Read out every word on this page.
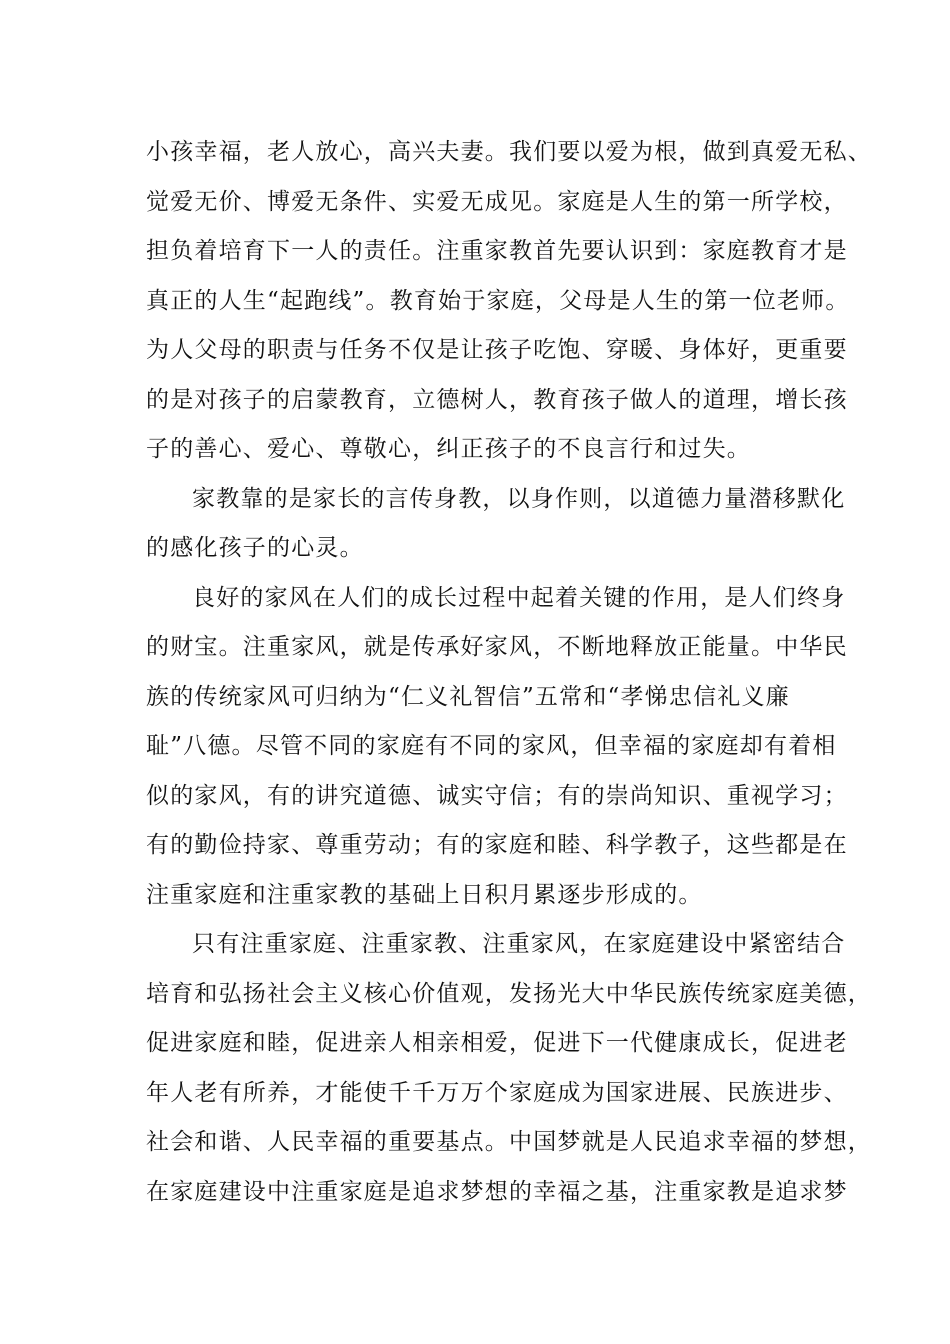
小孩幸福，老人放心，高兴夫妻。我们要以爱为根，做到真爱无私、
觉爱无价、博爱无条件、实爱无成见。家庭是人生的第一所学校，
担负着培育下一人的责任。注重家教首先要认识到：家庭教育才是
真正的人生“起跑线”。教育始于家庭，父母是人生的第一位老师。
为人父母的职责与任务不仅是让孩子吃饱、穿暖、身体好，更重要
的是对孩子的启蒙教育，立德树人，教育孩子做人的道理，增长孩
子的善心、爱心、尊敬心，纠正孩子的不良言行和过失。
家教靠的是家长的言传身教，以身作则，以道德力量潜移默化
的感化孩子的心灵。
良好的家风在人们的成长过程中起着关键的作用，是人们终身
的财宝。注重家风，就是传承好家风，不断地释放正能量。中华民
族的传统家风可归纳为“仁义礼智信”五常和“孝悌忠信礼义廉
耻”八德。尽管不同的家庭有不同的家风，但幸福的家庭却有着相
似的家风，有的讲究道德、诚实守信；有的崇尚知识、重视学习；
有的勤俭持家、尊重劳动；有的家庭和睦、科学教子，这些都是在
注重家庭和注重家教的基础上日积月累逐步形成的。
只有注重家庭、注重家教、注重家风，在家庭建设中紧密结合
培育和弘扬社会主义核心价值观，发扬光大中华民族传统家庭美德，
促进家庭和睦，促进亲人相亲相爱，促进下一代健康成长，促进老
年人老有所养，才能使千千万万个家庭成为国家进展、民族进步、
社会和谐、人民幸福的重要基点。中国梦就是人民追求幸福的梦想，
在家庭建设中注重家庭是追求梦想的幸福之基，注重家教是追求梦
